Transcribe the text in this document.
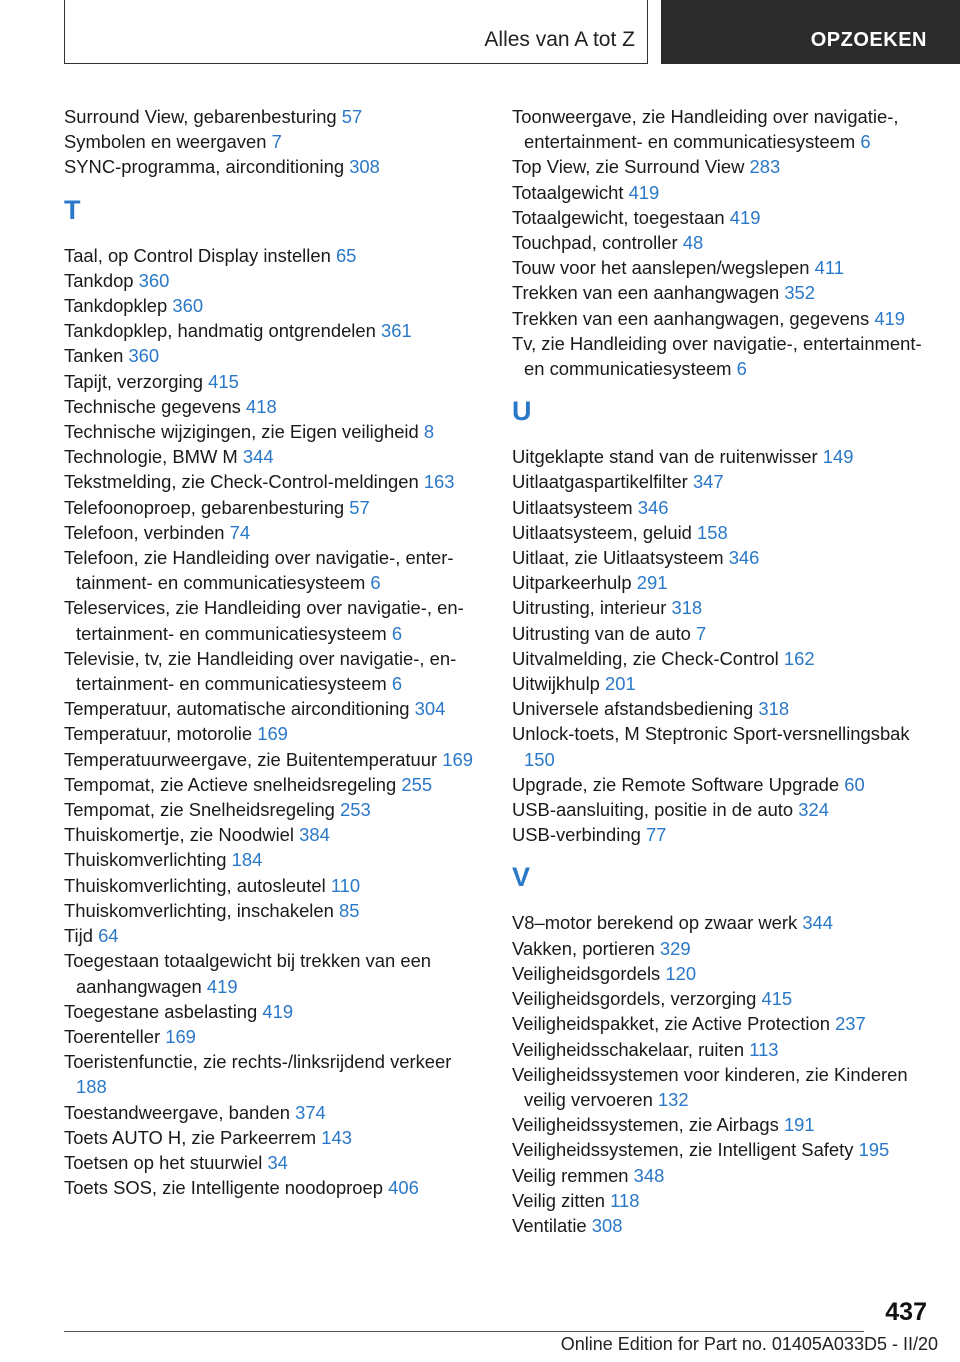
Alles van A tot Z	OPZOEKEN
Surround View, gebarenbesturing 57
Symbolen en weergaven 7
SYNC-programma, airconditioning 308
T
Taal, op Control Display instellen 65
Tankdop 360
Tankdopklep 360
Tankdopklep, handmatig ontgrendelen 361
Tanken 360
Tapijt, verzorging 415
Technische gegevens 418
Technische wijzigingen, zie Eigen veiligheid 8
Technologie, BMW M 344
Tekstmelding, zie Check-Control-meldingen 163
Telefoonoproep, gebarenbesturing 57
Telefoon, verbinden 74
Telefoon, zie Handleiding over navigatie-, entertainment- en communicatiesysteem 6
Teleservices, zie Handleiding over navigatie-, entertainment- en communicatiesysteem 6
Televisie, tv, zie Handleiding over navigatie-, entertainment- en communicatiesysteem 6
Temperatuur, automatische airconditioning 304
Temperatuur, motorolie 169
Temperatuurweergave, zie Buitentemperatuur 169
Tempomat, zie Actieve snelheidsregeling 255
Tempomat, zie Snelheidsregeling 253
Thuiskomertje, zie Noodwiel 384
Thuiskomverlichting 184
Thuiskomverlichting, autosleutel 110
Thuiskomverlichting, inschakelen 85
Tijd 64
Toegestaan totaalgewicht bij trekken van een aanhangwagen 419
Toegestane asbelasting 419
Toerenteller 169
Toeristenfunctie, zie rechts-/linksrijdend verkeer 188
Toestandweergave, banden 374
Toets AUTO H, zie Parkeerrem 143
Toetsen op het stuurwiel 34
Toets SOS, zie Intelligente noodoproep 406
Toonweergave, zie Handleiding over navigatie-, entertainment- en communicatiesysteem 6
Top View, zie Surround View 283
Totaalgewicht 419
Totaalgewicht, toegestaan 419
Touchpad, controller 48
Touw voor het aanslepen/wegslepen 411
Trekken van een aanhangwagen 352
Trekken van een aanhangwagen, gegevens 419
Tv, zie Handleiding over navigatie-, entertainment- en communicatiesysteem 6
U
Uitgeklapte stand van de ruitenwisser 149
Uitlaatgaspartikelfilter 347
Uitlaatsysteem 346
Uitlaatsysteem, geluid 158
Uitlaat, zie Uitlaatsysteem 346
Uitparkeerhulp 291
Uitrusting, interieur 318
Uitrusting van de auto 7
Uitvalmelding, zie Check-Control 162
Uitwijkhulp 201
Universele afstandsbediening 318
Unlock-toets, M Steptronic Sport-versnellingsbak 150
Upgrade, zie Remote Software Upgrade 60
USB-aansluiting, positie in de auto 324
USB-verbinding 77
V
V8–motor berekend op zwaar werk 344
Vakken, portieren 329
Veiligheidsgordels 120
Veiligheidsgordels, verzorging 415
Veiligheidspakket, zie Active Protection 237
Veiligheidsschakelaar, ruiten 113
Veiligheidssystemen voor kinderen, zie Kinderen veilig vervoeren 132
Veiligheidssystemen, zie Airbags 191
Veiligheidssystemen, zie Intelligent Safety 195
Veilig remmen 348
Veilig zitten 118
Ventilatie 308
437
Online Edition for Part no. 01405A033D5 - II/20
